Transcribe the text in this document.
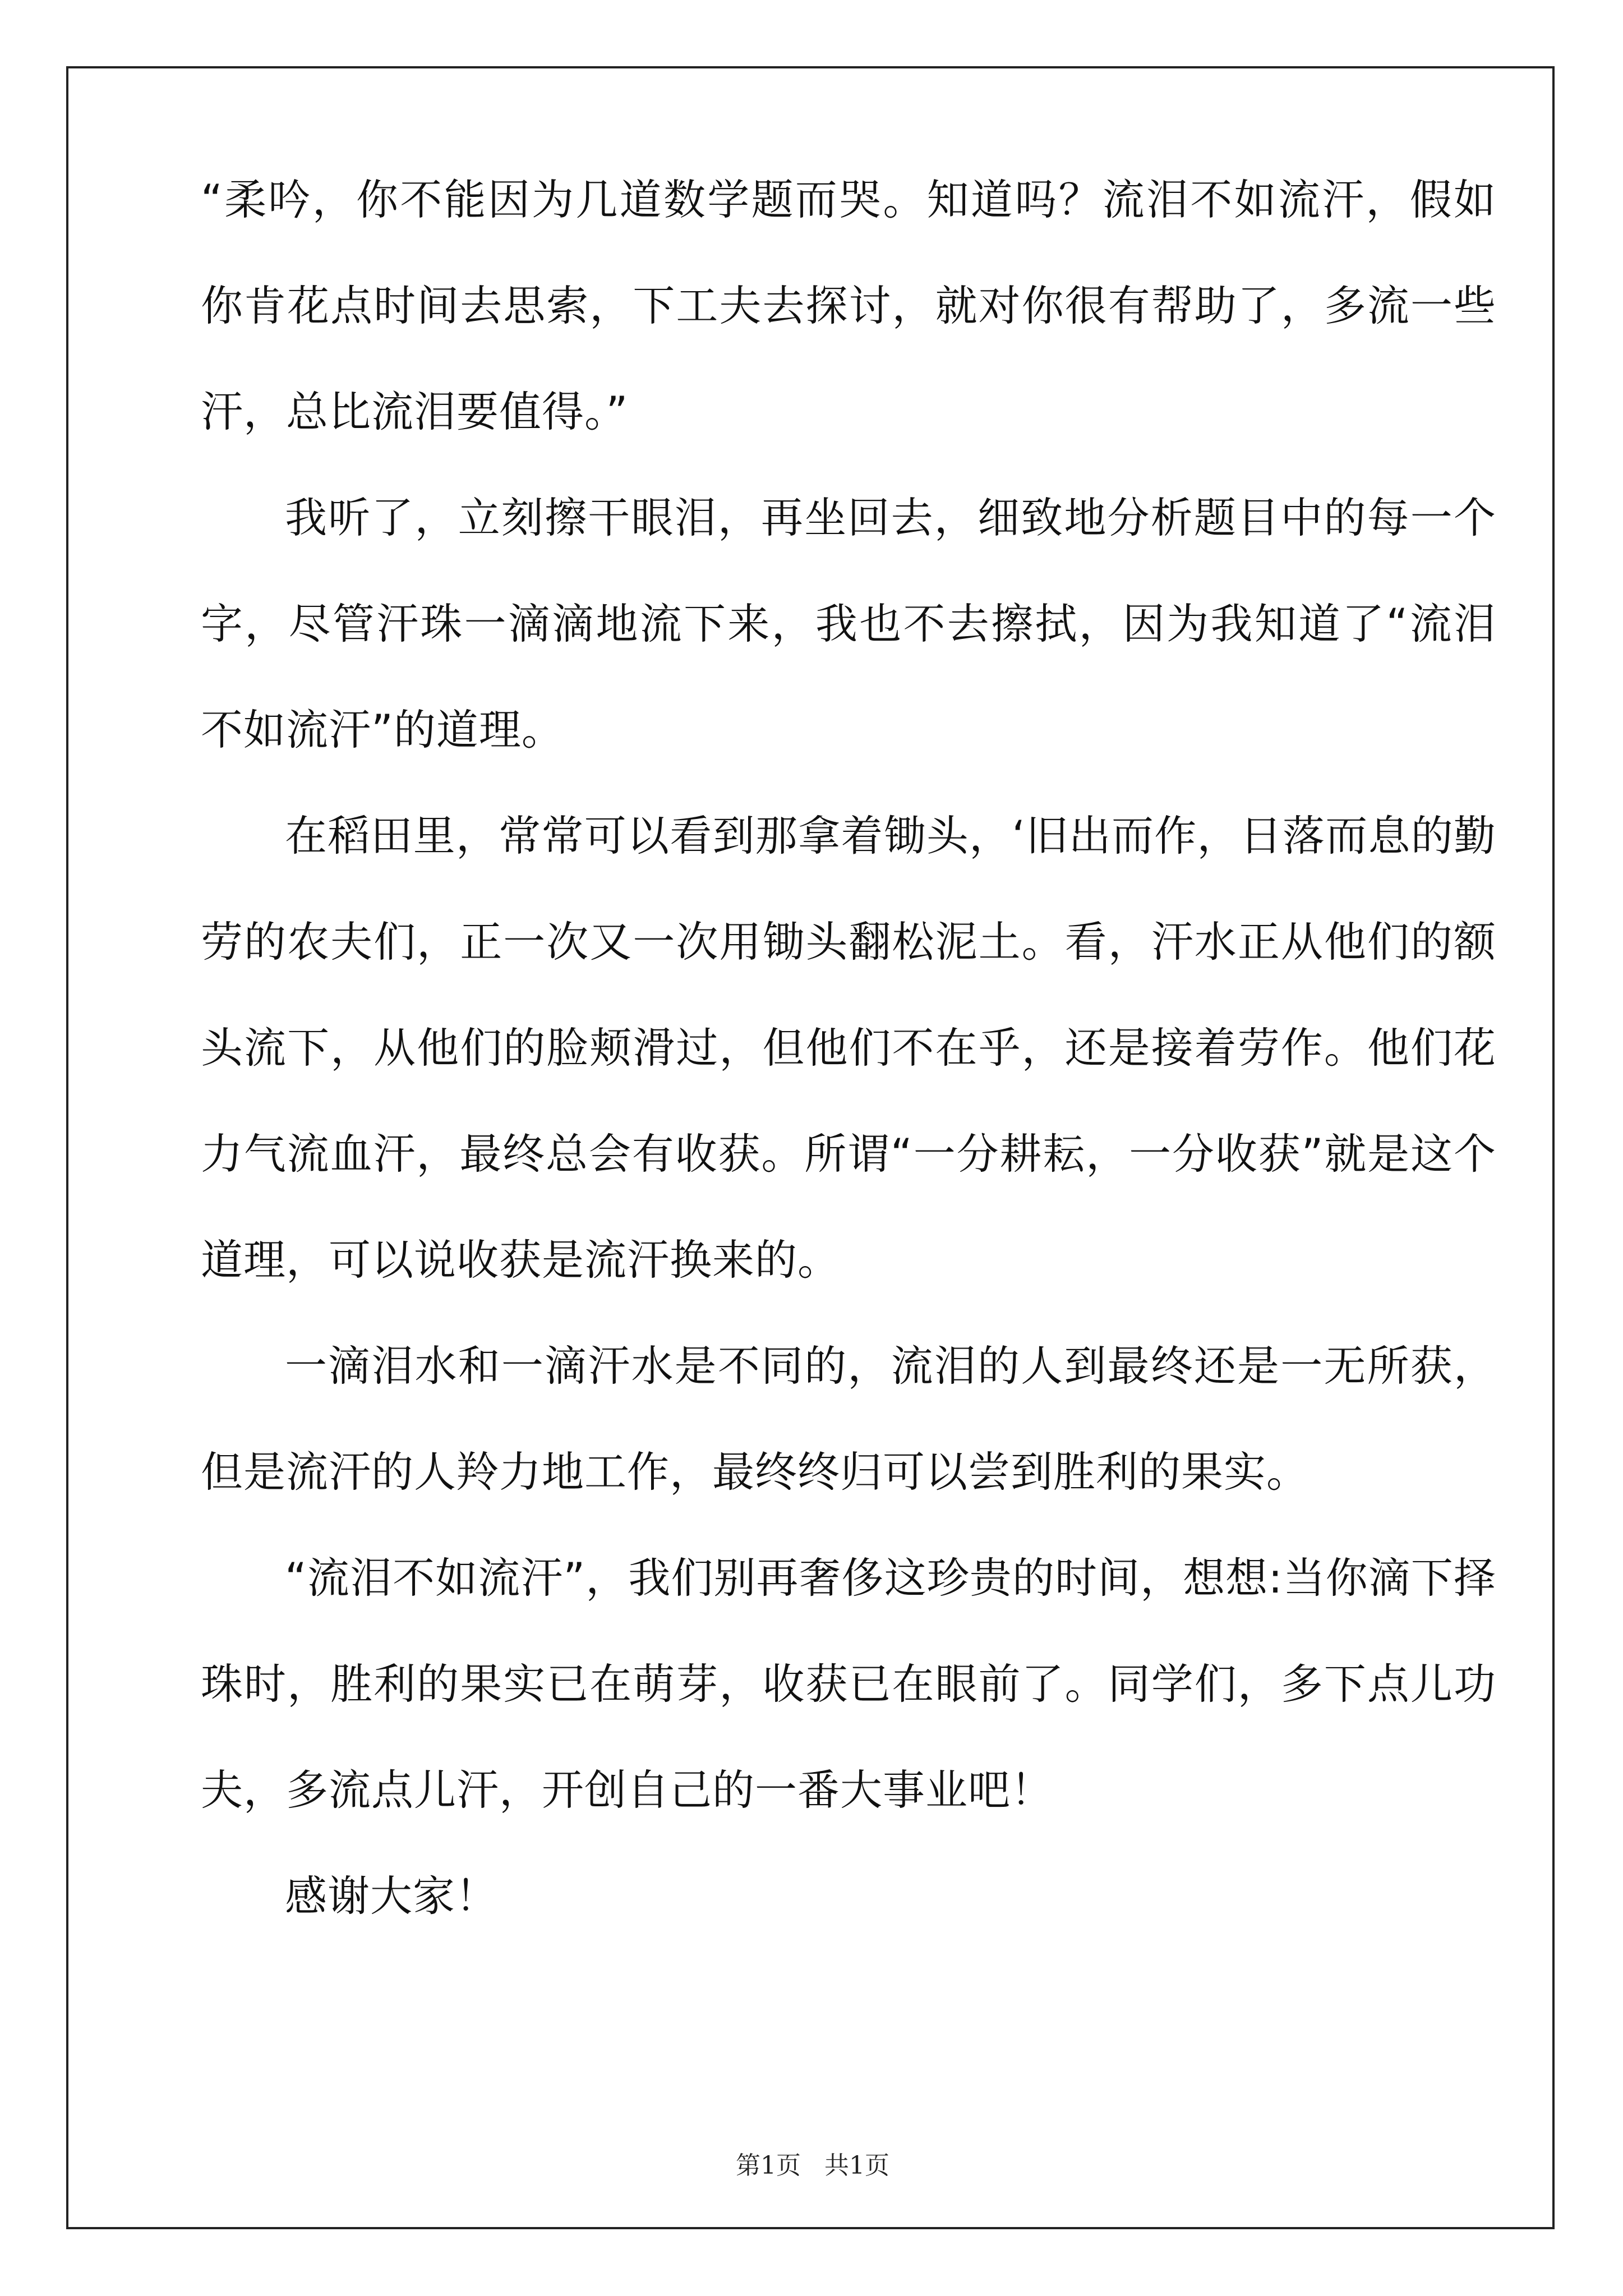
“柔吟，你不能因为几道数学题而哭。知道吗？流泪不如流汗，假如你肯花点时间去思索，下工夫去探讨，就对你很有帮助了，多流一些汗，总比流泪要值得。”

我听了，立刻擦干眼泪，再坐回去，细致地分析题目中的每一个字，尽管汗珠一滴滴地流下来，我也不去擦拭，因为我知道了“流泪不如流汗”的道理。

在稻田里，常常可以看到那拿着锄头，‘旧出而作，日落而息的勤劳的农夫们，正一次又一次用锄头翻松泥土。看，汗水正从他们的额头流下，从他们的脸颊滑过，但他们不在乎，还是接着劳作。他们花力气流血汗，最终总会有收获。所谓“一分耕耘，一分收获”就是这个道理，可以说收获是流汗换来的。

一滴泪水和一滴汗水是不同的，流泪的人到最终还是一无所获，但是流汗的人羚力地工作，最终终归可以尝到胜利的果实。

“流泪不如流汗”，我们别再奢侈这珍贵的时间，想想:当你滴下择珠时，胜利的果实已在萌芽，收获已在眼前了。同学们，多下点儿功夫，多流点儿汗，开创自己的一番大事业吧！

感谢大家！

第1页   共1页
